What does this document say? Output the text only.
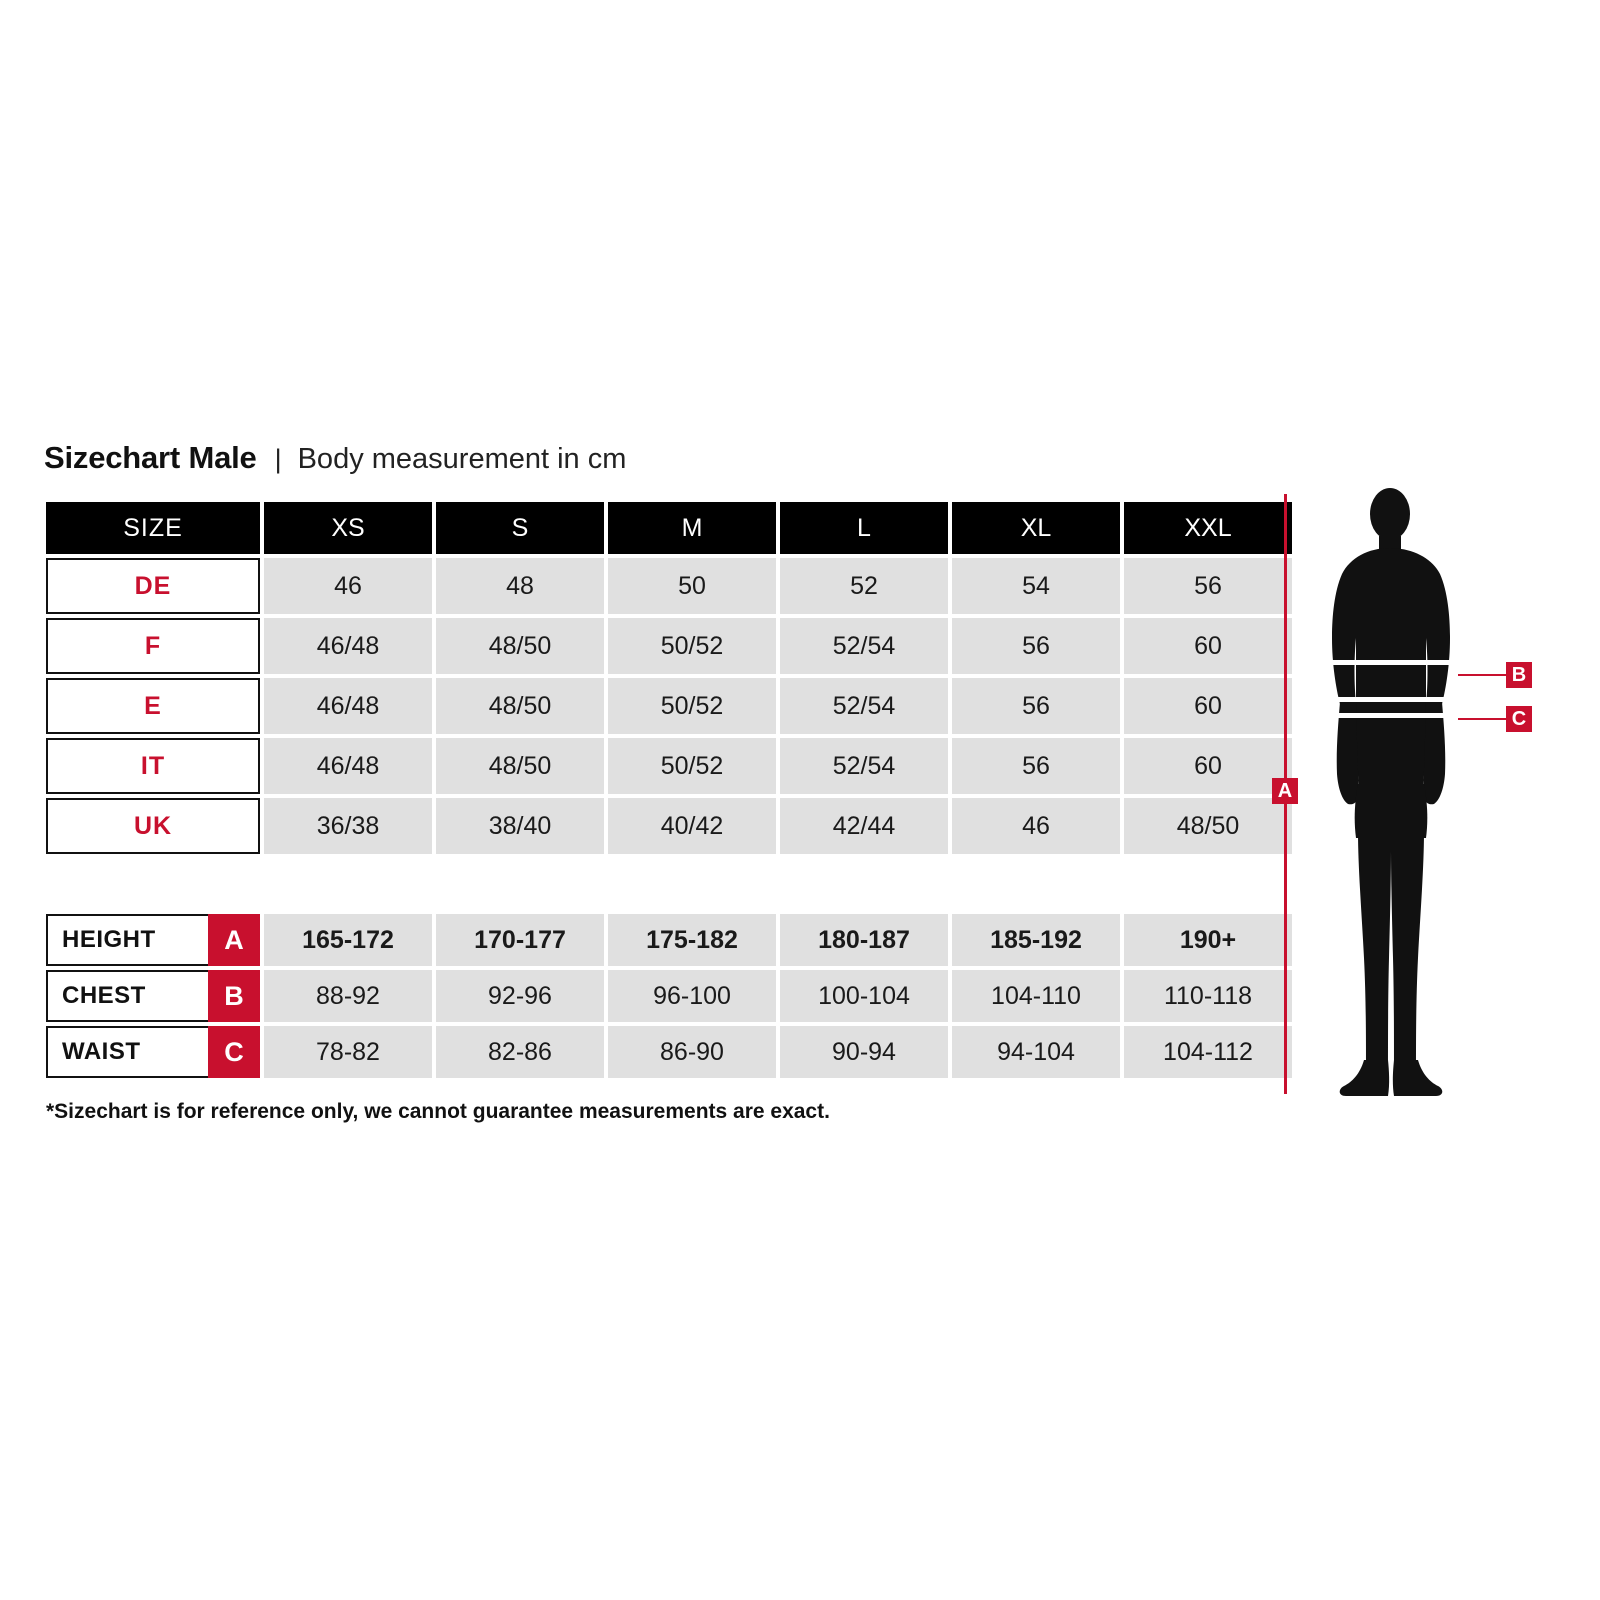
Sizechart Male | Body measurement in cm
SIZE	XS	S	M	L	XL	XXL
DE	46	48	50	52	54	56
F	46/48	48/50	50/52	52/54	56	60
E	46/48	48/50	50/52	52/54	56	60
IT	46/48	48/50	50/52	52/54	56	60
UK	36/38	38/40	40/42	42/44	46	48/50

HEIGHT A	165-172	170-177	175-182	180-187	185-192	190+

CHEST B	88-92	92-96	96-100	100-104	104-110	110-118

WAIST C	78-82	82-86	86-90	90-94	94-104	104-112
*Sizechart is for reference only, we cannot guarantee measurements are exact.
A
B
C
